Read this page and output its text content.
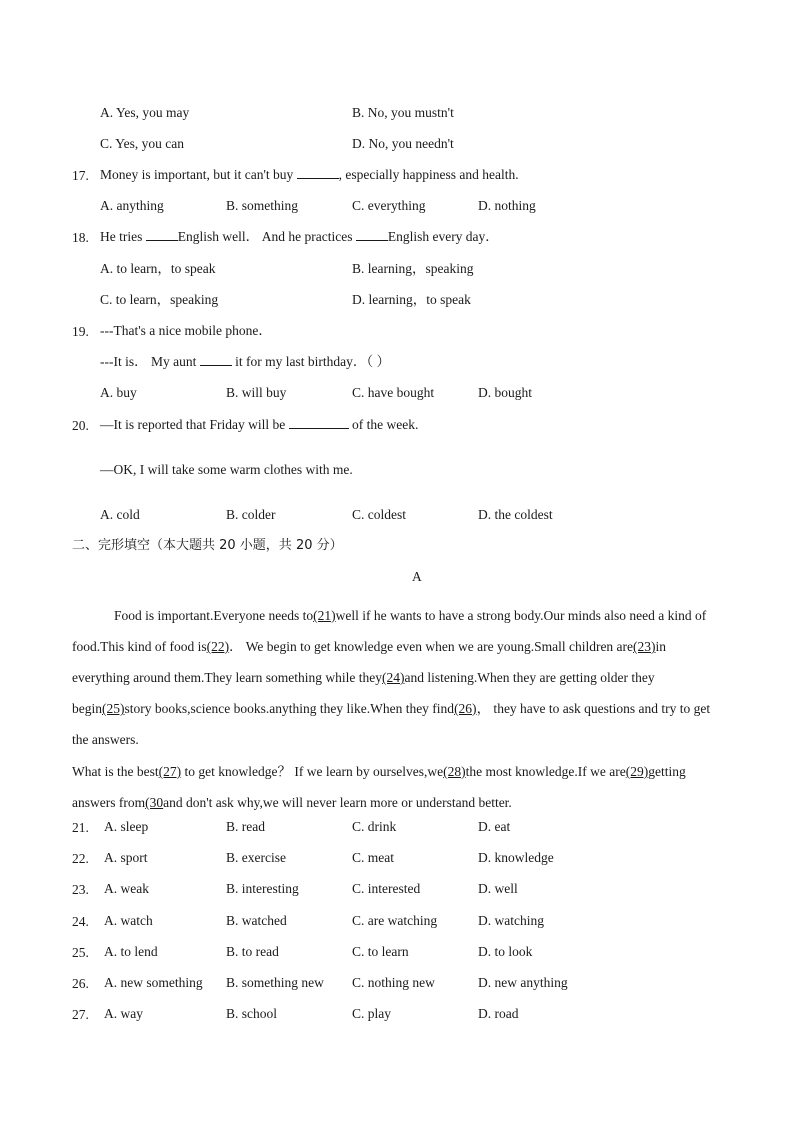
A. Yes, you may	B. No, you mustn't
C. Yes, you can	D. No, you needn't
17. Money is important, but it can't buy	, especially happiness and health.
A. anything	B. something	C. everything	D. nothing
18. He tries	English well． And he practices	English every day．
A. to learn，to speak	B. learning，speaking
C. to learn，speaking	D. learning，to speak
19. ---That's a nice mobile phone．
---It is． My aunt	it for my last birthday．（ ）
A. buy	B. will buy	C. have bought	D. bought
20. —It is reported that Friday will be	of the week.
—OK, I will take some warm clothes with me.
A. cold	B. colder	C. coldest	D. the coldest
二、完形填空（本大题共 20 小题，共 20 分）
A
Food is important.Everyone needs to(21)well if he wants to have a strong body.Our minds also need a kind of food.This kind of food is(22)． We begin to get knowledge even when we are young.Small children are(23)in everything around them.They learn something while they(24)and listening.When they are getting older they begin(25)story books,science books.anything they like.When they find(26)， they have to ask questions and try to get the answers.
What is the best(27) to get knowledge？ If we learn by ourselves,we(28)the most knowledge.If we are(29)getting answers from(30and don't ask why,we will never learn more or understand better.
21. A. sleep	B. read	C. drink	D. eat
22. A. sport	B. exercise	C. meat	D. knowledge
23. A. weak	B. interesting	C. interested	D. well
24. A. watch	B. watched	C. are watching	D. watching
25. A. to lend	B. to read	C. to learn	D. to look
26. A. new something B. something new C. nothing new	D. new anything
27. A. way	B. school	C. play	D. road
